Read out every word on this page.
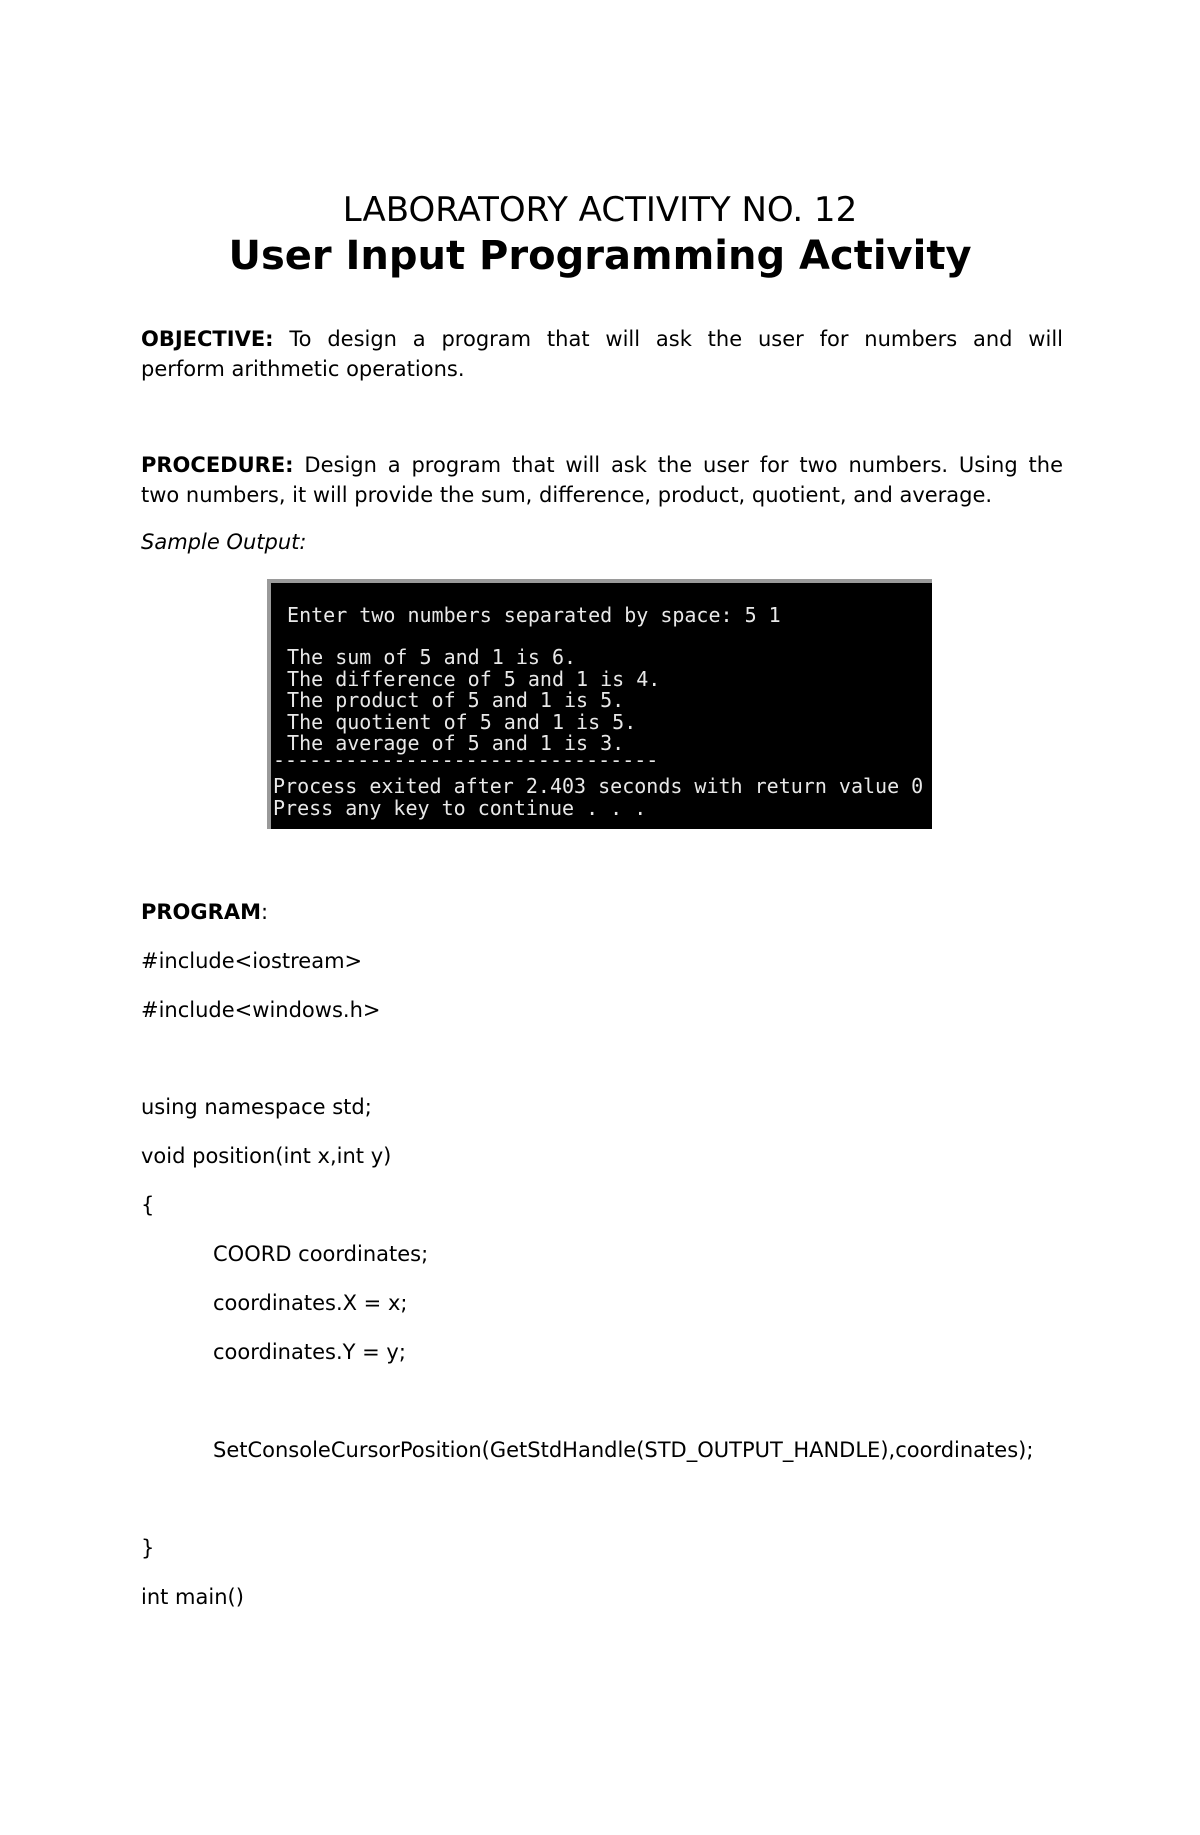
LABORATORY ACTIVITY NO. 12

User Input Programming Activity

OBJECTIVE: To design a program that will ask the user for numbers and will
perform arithmetic operations.
PROCEDURE: Design a program that will ask the user for two numbers. Using the
two numbers, it will provide the sum, difference, product, quotient, and average.

Sample Output:

Enter two numbers separated by space: 5 1

The sum of 5 and 1 is 6.

The difference of 5 and 1 is 4.

The product of 5 and 1 is 5.

The quotient of 5 and 1 is 5.

The average of 5 and 1 is 3.

--------------------------------

Process exited after 2.403 seconds with return value 0

Press any key to continue . . .

PROGRAM:

#include<iostream>

#include<windows.h>

using namespace std;

void position(int x,int y)

{

COORD coordinates;

coordinates.X = x;

coordinates.Y = y;

SetConsoleCursorPosition(GetStdHandle(STD_OUTPUT_HANDLE),coordinates);

}

int main()
